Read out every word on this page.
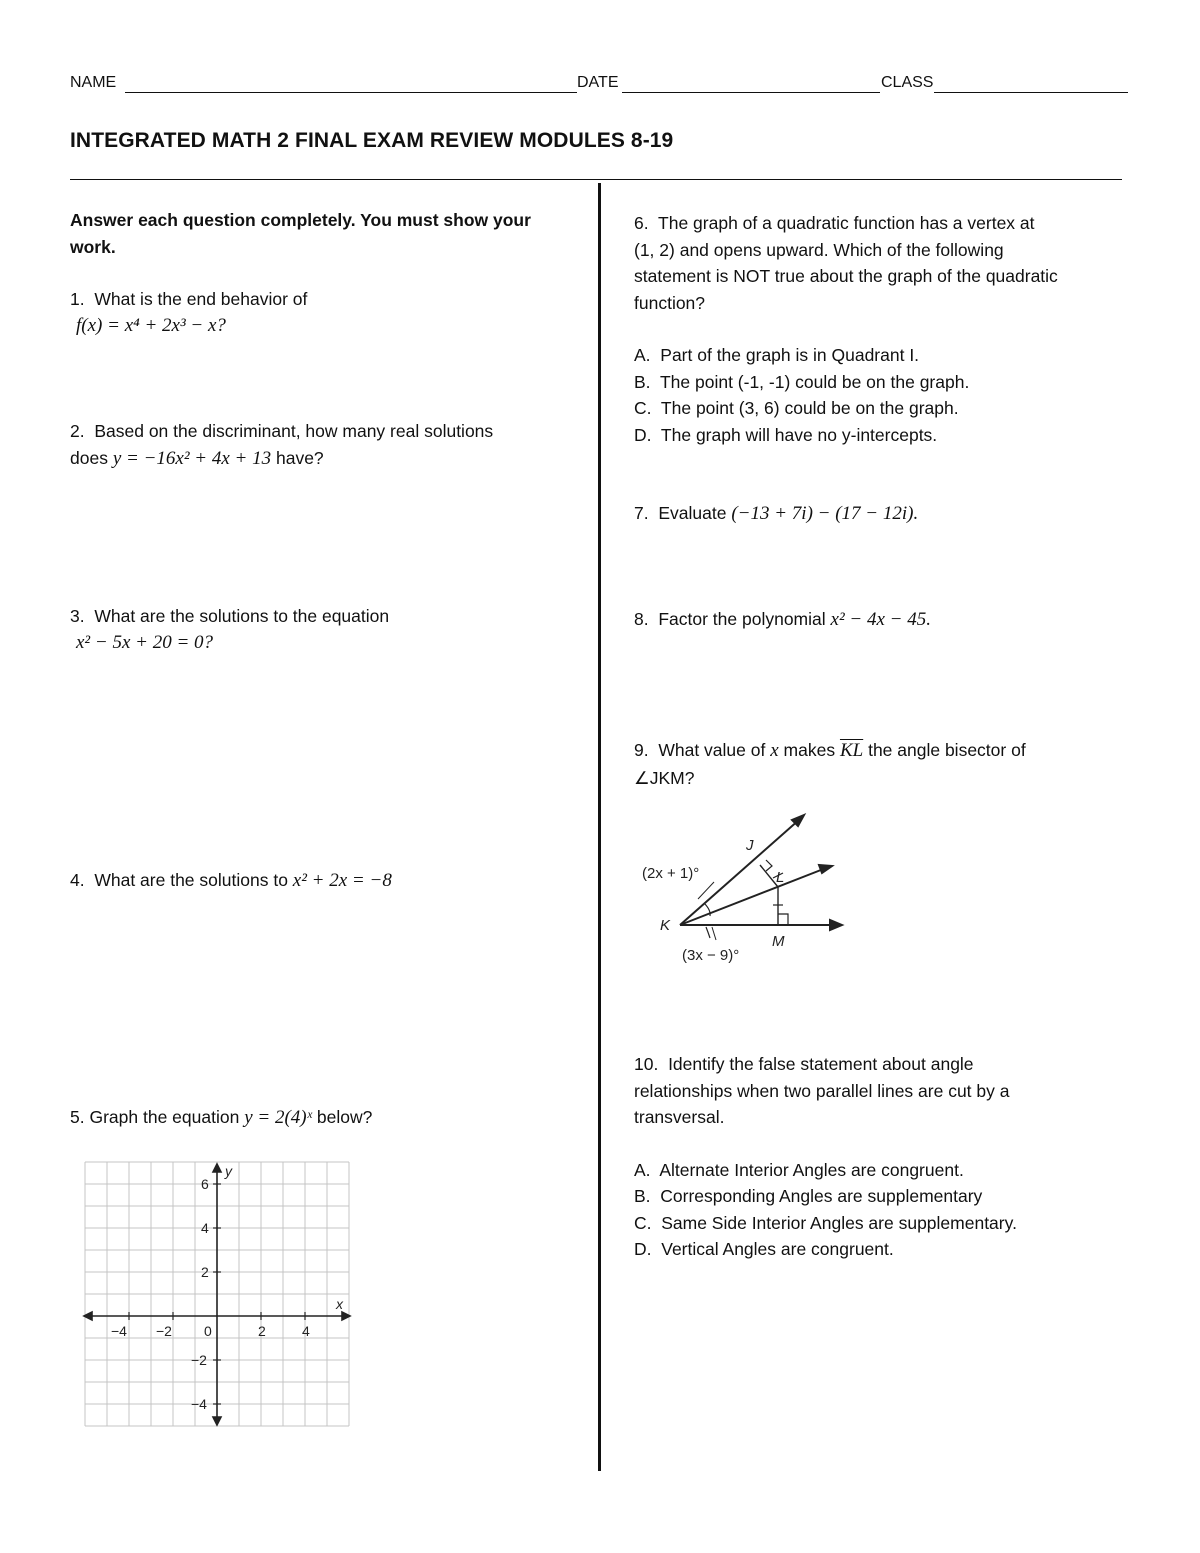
NAME	DATE	CLASS
INTEGRATED MATH 2 FINAL EXAM REVIEW MODULES 8-19
Answer each question completely. You must show your work.
1. What is the end behavior of
f(x) = x⁴ + 2x³ − x?
2. Based on the discriminant, how many real solutions
does y = −16x² + 4x + 13 have?
3. What are the solutions to the equation
x² − 5x + 20 = 0?
4. What are the solutions to x² + 2x = −8
5. Graph the equation y = 2(4)ˣ below?
x
y
−4 −2 0	2	4
6
4
2
−2
−4
6. The graph of a quadratic function has a vertex at
(1, 2) and opens upward. Which of the following
statement is NOT true about the graph of the quadratic
function?
A. Part of the graph is in Quadrant I.
B. The point (-1, -1) could be on the graph.
C. The point (3, 6) could be on the graph.
D. The graph will have no y-intercepts.
7. Evaluate (−13 + 7i) − (17 − 12i).
8. Factor the polynomial x² − 4x − 45.
9. What value of x makes $\overline{KL}$ the angle bisector of
∠JKM?
J
L
K
M
(2x + 1)°
(3x − 9)°
10. Identify the false statement about angle
relationships when two parallel lines are cut by a
transversal.
A. Alternate Interior Angles are congruent.
B. Corresponding Angles are supplementary
C. Same Side Interior Angles are supplementary.
D. Vertical Angles are congruent.
